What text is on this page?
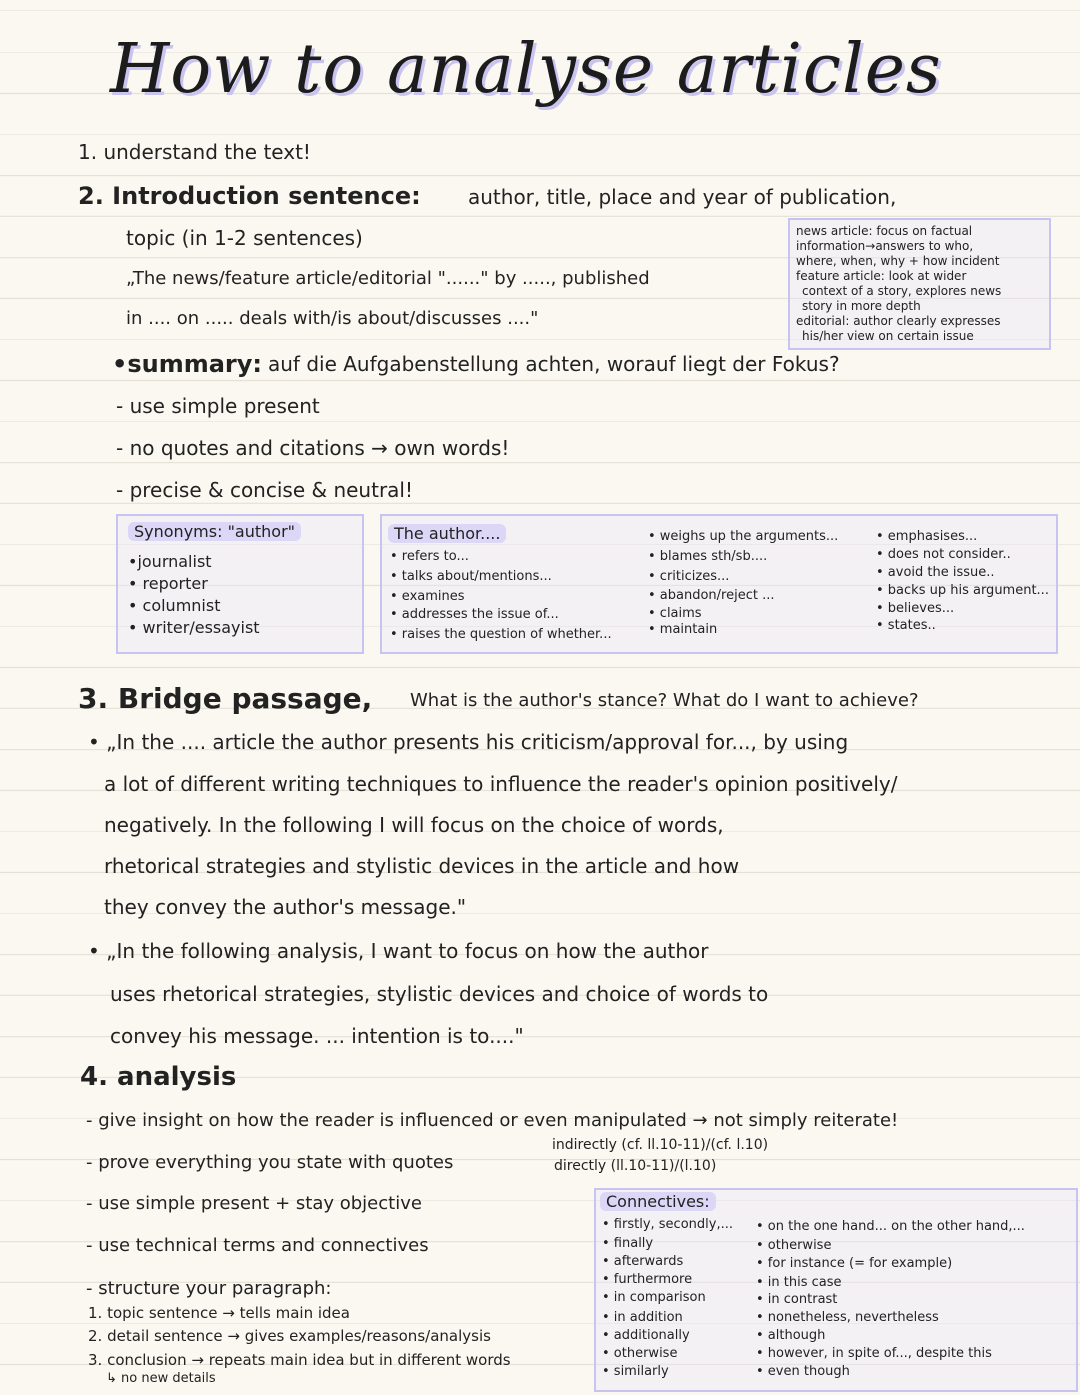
How to analyse articles
1. understand the text!
2. Introduction sentence: author, title, place and year of publication,
topic (in 1-2 sentences)
„The news/feature article/editorial "......" by ....., published
in .... on ..... deals with/is about/discusses ...."
news article: focus on factual
information→answers to who,
where, when, why + how incident
feature article: look at wider
context of a story, explores news
story in more depth
editorial: author clearly expresses
his/her view on certain issue
•summary: auf die Aufgabenstellung achten, worauf liegt der Fokus?
- use simple present
- no quotes and citations → own words!
- precise & concise & neutral!
Synonyms: "author"
•journalist
• reporter
• columnist
• writer/essayist
The author....
• refers to...
• talks about/mentions...
• examines
• addresses the issue of...
• raises the question of whether...
• weighs up the arguments...
• blames sth/sb....
• criticizes...
• abandon/reject ...
• claims
• maintain
• emphasises...
• does not consider..
• avoid the issue..
• backs up his argument...
• believes...
• states..
3. Bridge passage, What is the author's stance? What do I want to achieve?
• „In the .... article the author presents his criticism/approval for..., by using
a lot of different writing techniques to influence the reader's opinion positively/
negatively. In the following I will focus on the choice of words,
rhetorical strategies and stylistic devices in the article and how
they convey the author's message."
• „In the following analysis, I want to focus on how the author
uses rhetorical strategies, stylistic devices and choice of words to
convey his message. ... intention is to...."
4. analysis
- give insight on how the reader is influenced or even manipulated → not simply reiterate!
indirectly (cf. ll.10-11)/(cf. l.10)
- prove everything you state with quotes	directly (ll.10-11)/(l.10)
- use simple present + stay objective
- use technical terms and connectives
- structure your paragraph:
1. topic sentence → tells main idea
2. detail sentence → gives examples/reasons/analysis
3. conclusion → repeats main idea but in different words
↳ no new details
Connectives:
• firstly, secondly,...
• finally
• afterwards
• furthermore
• in comparison
• in addition
• additionally
• otherwise
• similarly
• on the one hand... on the other hand,...
• otherwise
• for instance (= for example)
• in this case
• in contrast
• nonetheless, nevertheless
• although
• however, in spite of..., despite this
• even though
